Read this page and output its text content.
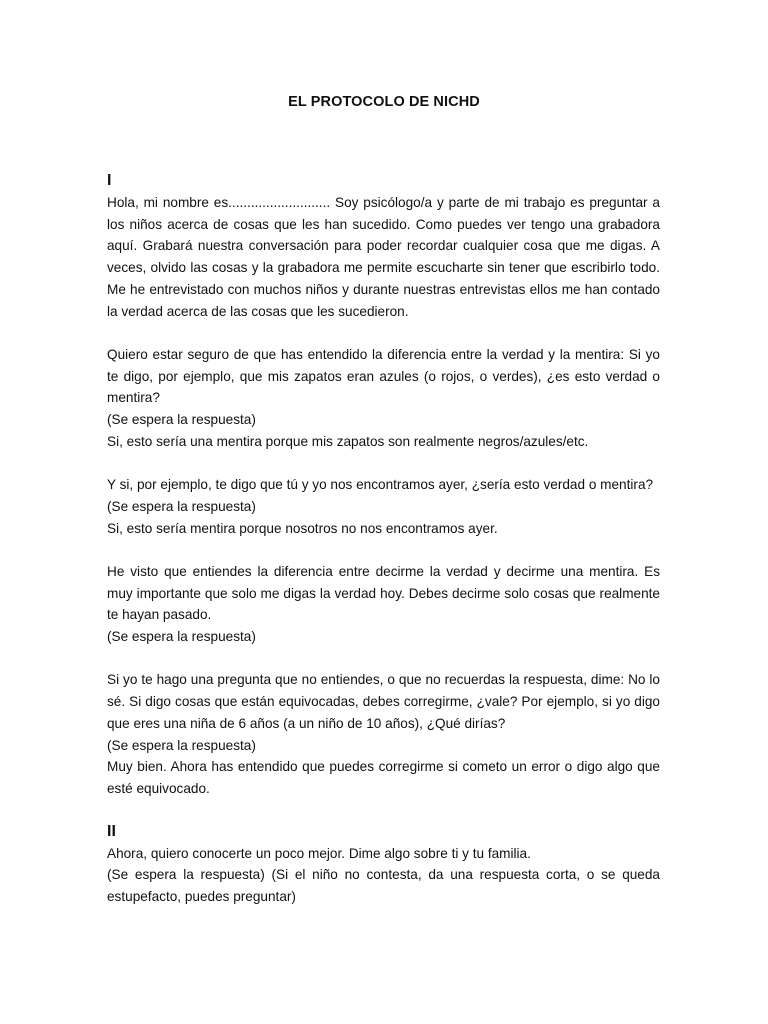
EL PROTOCOLO DE NICHD
I

Hola, mi nombre es........................... Soy psicólogo/a y parte de mi trabajo es preguntar a los niños acerca de cosas que les han sucedido. Como puedes ver tengo una grabadora aquí. Grabará nuestra conversación para poder recordar cualquier cosa que me digas. A veces, olvido las cosas y la grabadora me permite escucharte sin tener que escribirlo todo. Me he entrevistado con muchos niños y durante nuestras entrevistas ellos me han contado la verdad acerca de las cosas que les sucedieron.

Quiero estar seguro de que has entendido la diferencia entre la verdad y la mentira: Si yo te digo, por ejemplo, que mis zapatos eran azules (o rojos, o verdes), ¿es esto verdad o mentira?

(Se espera la respuesta)
Si, esto sería una mentira porque mis zapatos son realmente negros/azules/etc.
Y si, por ejemplo, te digo que tú y yo nos encontramos ayer, ¿sería esto verdad o mentira?
(Se espera la respuesta)
Si, esto sería mentira porque nosotros no nos encontramos ayer.

He visto que entiendes la diferencia entre decirme la verdad y decirme una mentira. Es muy importante que solo me digas la verdad hoy. Debes decirme solo cosas que realmente te hayan pasado.

(Se espera la respuesta)

Si yo te hago una pregunta que no entiendes, o que no recuerdas la respuesta, dime: No lo sé. Si digo cosas que están equivocadas, debes corregirme, ¿vale? Por ejemplo, si yo digo que eres una niña de 6 años (a un niño de 10 años), ¿Qué dirías?

(Se espera la respuesta)

Muy bien. Ahora has entendido que puedes corregirme si cometo un error o digo algo que esté equivocado.

II
Ahora, quiero conocerte un poco mejor. Dime algo sobre ti y tu familia.

(Se espera la respuesta) (Si el niño no contesta, da una respuesta corta, o se queda estupefacto, puedes preguntar)
